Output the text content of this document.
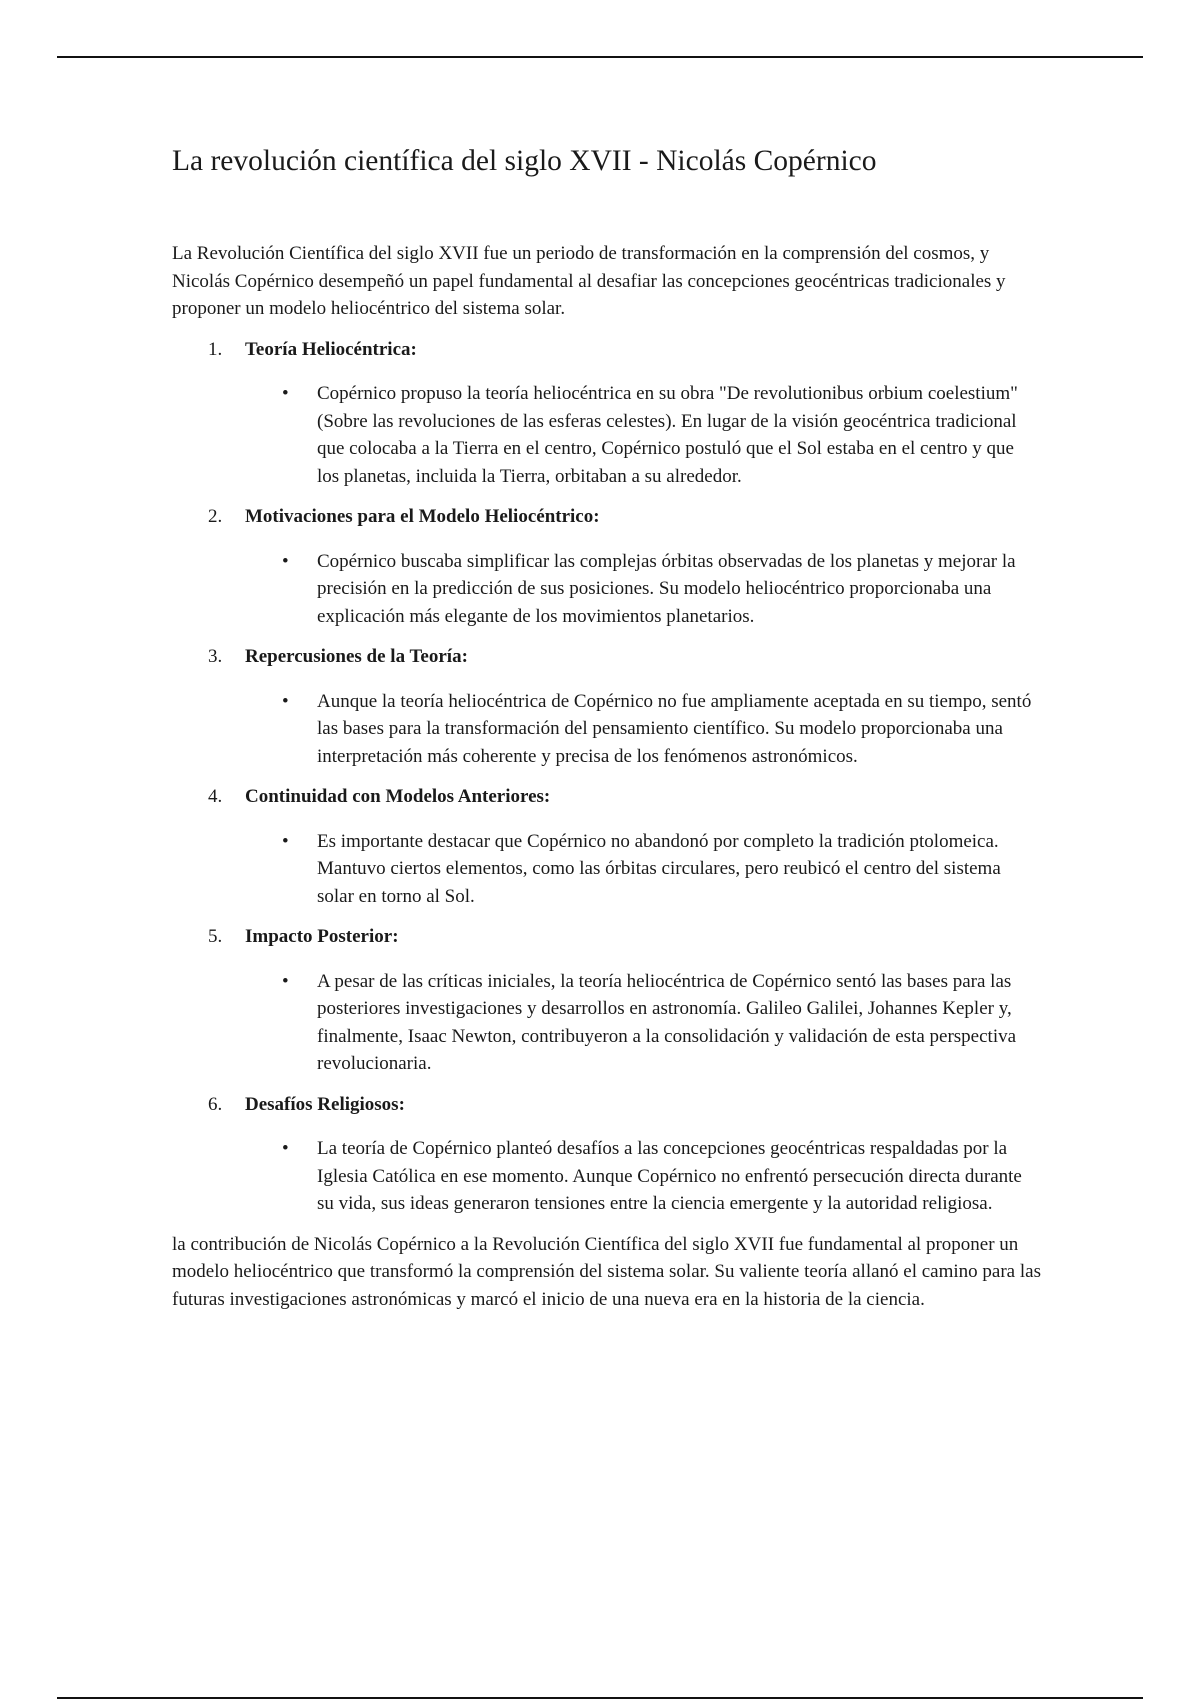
La revolución científica del siglo XVII - Nicolás Copérnico

La Revolución Científica del siglo XVII fue un periodo de transformación en la comprensión del cosmos, y Nicolás Copérnico desempeñó un papel fundamental al desafiar las concepciones geocéntricas tradicionales y proponer un modelo heliocéntrico del sistema solar.

1. Teoría Heliocéntrica:
• Copérnico propuso la teoría heliocéntrica en su obra "De revolutionibus orbium coelestium" (Sobre las revoluciones de las esferas celestes). En lugar de la visión geocéntrica tradicional que colocaba a la Tierra en el centro, Copérnico postuló que el Sol estaba en el centro y que los planetas, incluida la Tierra, orbitaban a su alrededor.
2. Motivaciones para el Modelo Heliocéntrico:
• Copérnico buscaba simplificar las complejas órbitas observadas de los planetas y mejorar la precisión en la predicción de sus posiciones. Su modelo heliocéntrico proporcionaba una explicación más elegante de los movimientos planetarios.
3. Repercusiones de la Teoría:
• Aunque la teoría heliocéntrica de Copérnico no fue ampliamente aceptada en su tiempo, sentó las bases para la transformación del pensamiento científico. Su modelo proporcionaba una interpretación más coherente y precisa de los fenómenos astronómicos.
4. Continuidad con Modelos Anteriores:
• Es importante destacar que Copérnico no abandonó por completo la tradición ptolomeica. Mantuvo ciertos elementos, como las órbitas circulares, pero reubicó el centro del sistema solar en torno al Sol.
5. Impacto Posterior:
• A pesar de las críticas iniciales, la teoría heliocéntrica de Copérnico sentó las bases para las posteriores investigaciones y desarrollos en astronomía. Galileo Galilei, Johannes Kepler y, finalmente, Isaac Newton, contribuyeron a la consolidación y validación de esta perspectiva revolucionaria.
6. Desafíos Religiosos:
• La teoría de Copérnico planteó desafíos a las concepciones geocéntricas respaldadas por la Iglesia Católica en ese momento. Aunque Copérnico no enfrentó persecución directa durante su vida, sus ideas generaron tensiones entre la ciencia emergente y la autoridad religiosa.

la contribución de Nicolás Copérnico a la Revolución Científica del siglo XVII fue fundamental al proponer un modelo heliocéntrico que transformó la comprensión del sistema solar. Su valiente teoría allanó el camino para las futuras investigaciones astronómicas y marcó el inicio de una nueva era en la historia de la ciencia.
